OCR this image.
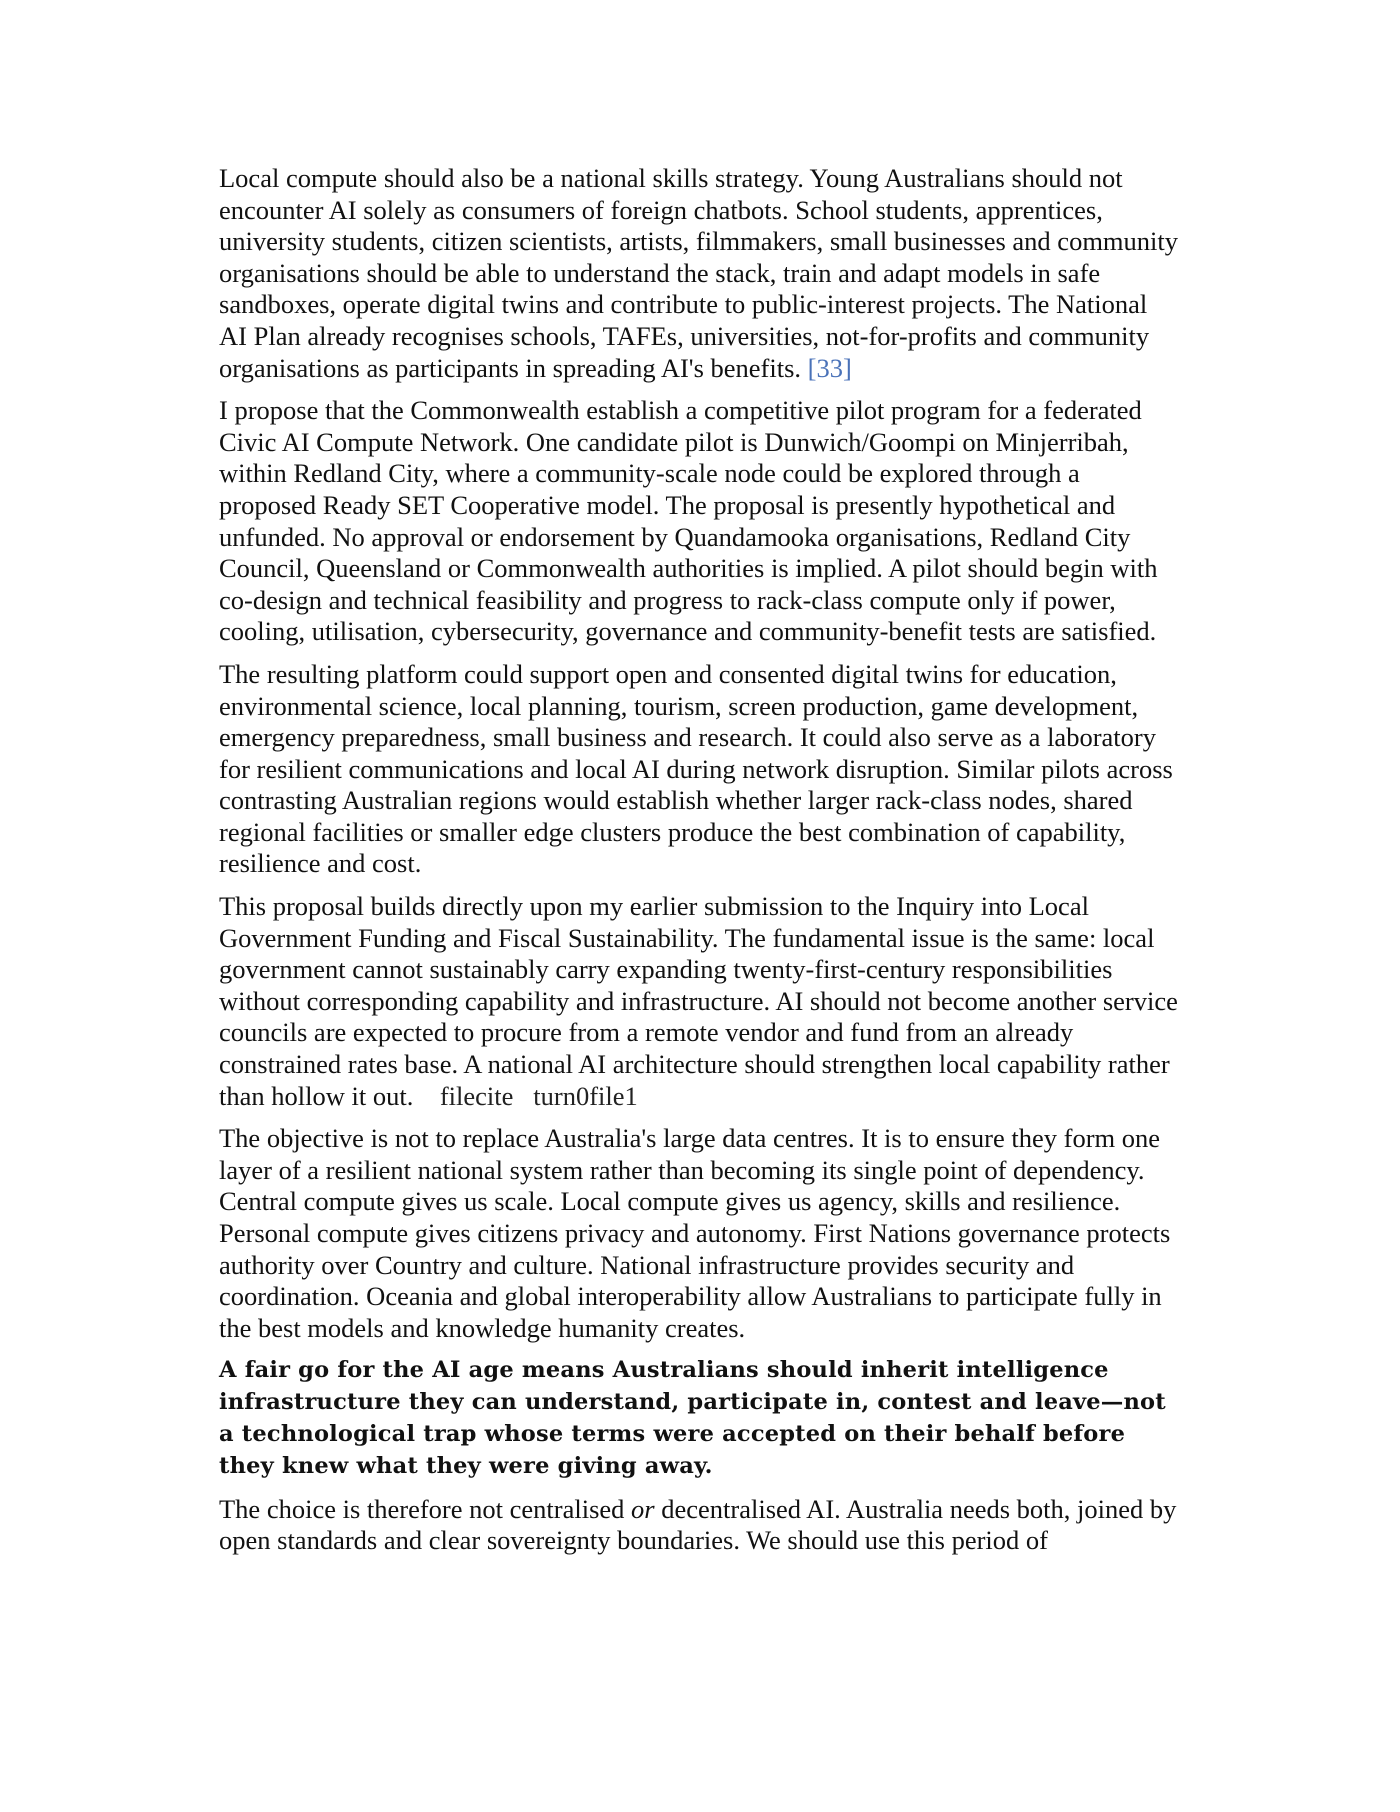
Local compute should also be a national skills strategy. Young Australians should not encounter AI solely as consumers of foreign chatbots. School students, apprentices, university students, citizen scientists, artists, filmmakers, small businesses and community organisations should be able to understand the stack, train and adapt models in safe sandboxes, operate digital twins and contribute to public-interest projects. The National AI Plan already recognises schools, TAFEs, universities, not-for-profits and community organisations as participants in spreading AI's benefits. [33]

I propose that the Commonwealth establish a competitive pilot program for a federated Civic AI Compute Network. One candidate pilot is Dunwich/Goompi on Minjerribah, within Redland City, where a community-scale node could be explored through a proposed Ready SET Cooperative model. The proposal is presently hypothetical and unfunded. No approval or endorsement by Quandamooka organisations, Redland City Council, Queensland or Commonwealth authorities is implied. A pilot should begin with co-design and technical feasibility and progress to rack-class compute only if power, cooling, utilisation, cybersecurity, governance and community-benefit tests are satisfied.

The resulting platform could support open and consented digital twins for education, environmental science, local planning, tourism, screen production, game development, emergency preparedness, small business and research. It could also serve as a laboratory for resilient communications and local AI during network disruption. Similar pilots across contrasting Australian regions would establish whether larger rack-class nodes, shared regional facilities or smaller edge clusters produce the best combination of capability, resilience and cost.

This proposal builds directly upon my earlier submission to the Inquiry into Local Government Funding and Fiscal Sustainability. The fundamental issue is the same: local government cannot sustainably carry expanding twenty-first-century responsibilities without corresponding capability and infrastructure. AI should not become another service councils are expected to procure from a remote vendor and fund from an already constrained rates base. A national AI architecture should strengthen local capability rather than hollow it out.    filecite   turn0file1

The objective is not to replace Australia's large data centres. It is to ensure they form one layer of a resilient national system rather than becoming its single point of dependency. Central compute gives us scale. Local compute gives us agency, skills and resilience. Personal compute gives citizens privacy and autonomy. First Nations governance protects authority over Country and culture. National infrastructure provides security and coordination. Oceania and global interoperability allow Australians to participate fully in the best models and knowledge humanity creates.

A fair go for the AI age means Australians should inherit intelligence infrastructure they can understand, participate in, contest and leave—not a technological trap whose terms were accepted on their behalf before they knew what they were giving away.

The choice is therefore not centralised or decentralised AI. Australia needs both, joined by open standards and clear sovereignty boundaries. We should use this period of
